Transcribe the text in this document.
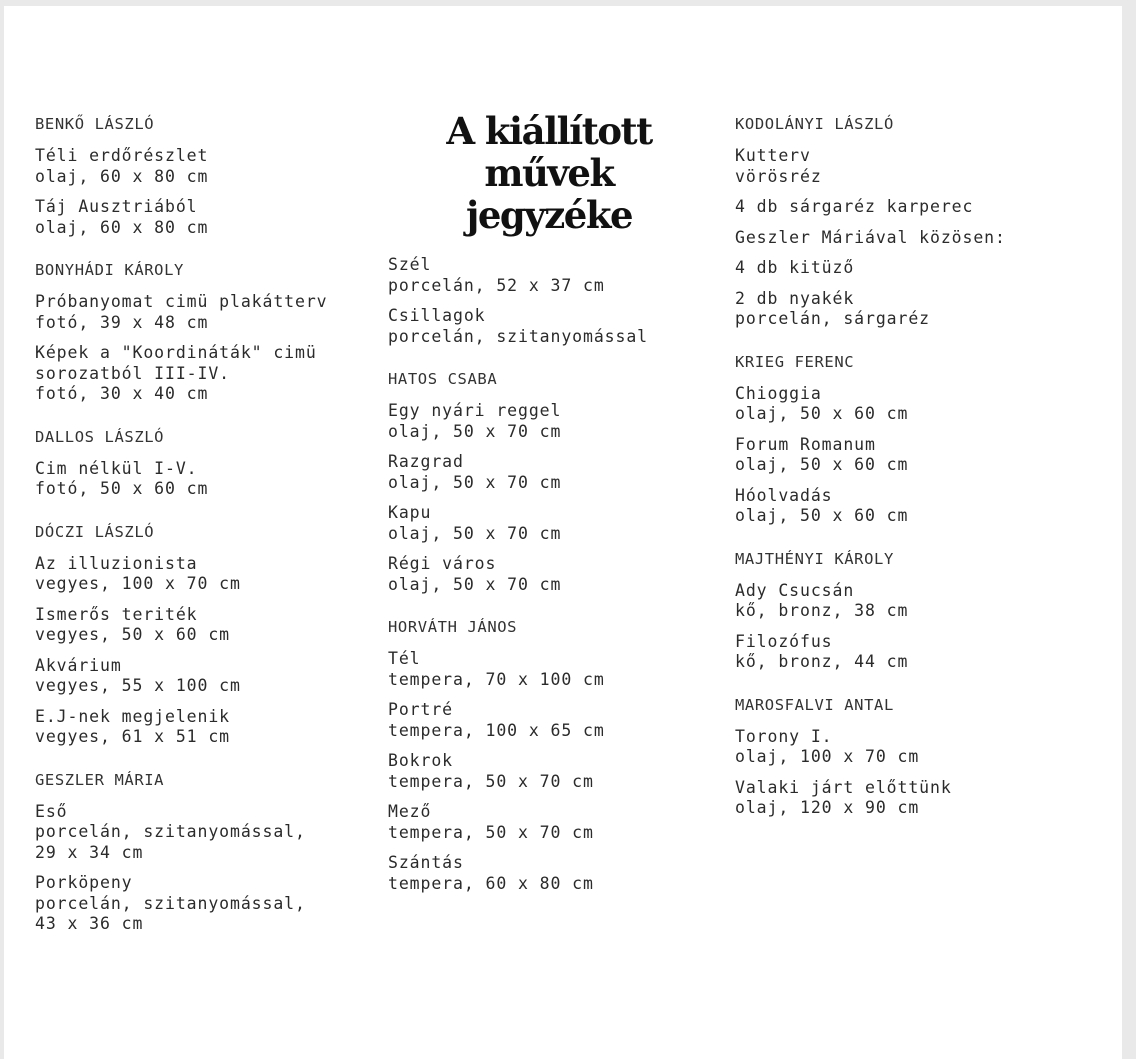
A kiállított művek
jegyzéke
BENKŐ LÁSZLÓ
Téli erdőrészlet
olaj, 60 x 80 cm
Táj Ausztriából
olaj, 60 x 80 cm
BONYHÁDI KÁROLY
Próbanyomat cimü plakátterv
fotó, 39 x 48 cm
Képek a "Koordináták" cimü
sorozatból III-IV.
fotó, 30 x 40 cm
DALLOS LÁSZLÓ
Cim nélkül I-V.
fotó, 50 x 60 cm
DÓCZI LÁSZLÓ
Az illuzionista
vegyes, 100 x 70 cm
Ismerős teriték
vegyes, 50 x 60 cm
Akvárium
vegyes, 55 x 100 cm
E.J-nek megjelenik
vegyes, 61 x 51 cm
GESZLER MÁRIA
Eső
porcelán, szitanyomással,
29 x 34 cm
Porköpeny
porcelán, szitanyomással,
43 x 36 cm
Szél
porcelán, 52 x 37 cm
Csillagok
porcelán, szitanyomással
HATOS CSABA
Egy nyári reggel
olaj, 50 x 70 cm
Razgrad
olaj, 50 x 70 cm
Kapu
olaj, 50 x 70 cm
Régi város
olaj, 50 x 70 cm
HORVÁTH JÁNOS
Tél
tempera, 70 x 100 cm
Portré
tempera, 100 x 65 cm
Bokrok
tempera, 50 x 70 cm
Mező
tempera, 50 x 70 cm
Szántás
tempera, 60 x 80 cm
KODOLÁNYI LÁSZLÓ
Kutterv
vörösréz
4 db sárgaréz karperec
Geszler Máriával közösen:
4 db kitüző
2 db nyakék
porcelán, sárgaréz
KRIEG FERENC
Chioggia
olaj, 50 x 60 cm
Forum Romanum
olaj, 50 x 60 cm
Hóolvadás
olaj, 50 x 60 cm
MAJTHÉNYI KÁROLY
Ady Csucsán
kő, bronz, 38 cm
Filozófus
kő, bronz, 44 cm
MAROSFALVI ANTAL
Torony I.
olaj, 100 x 70 cm
Valaki járt előttünk
olaj, 120 x 90 cm
